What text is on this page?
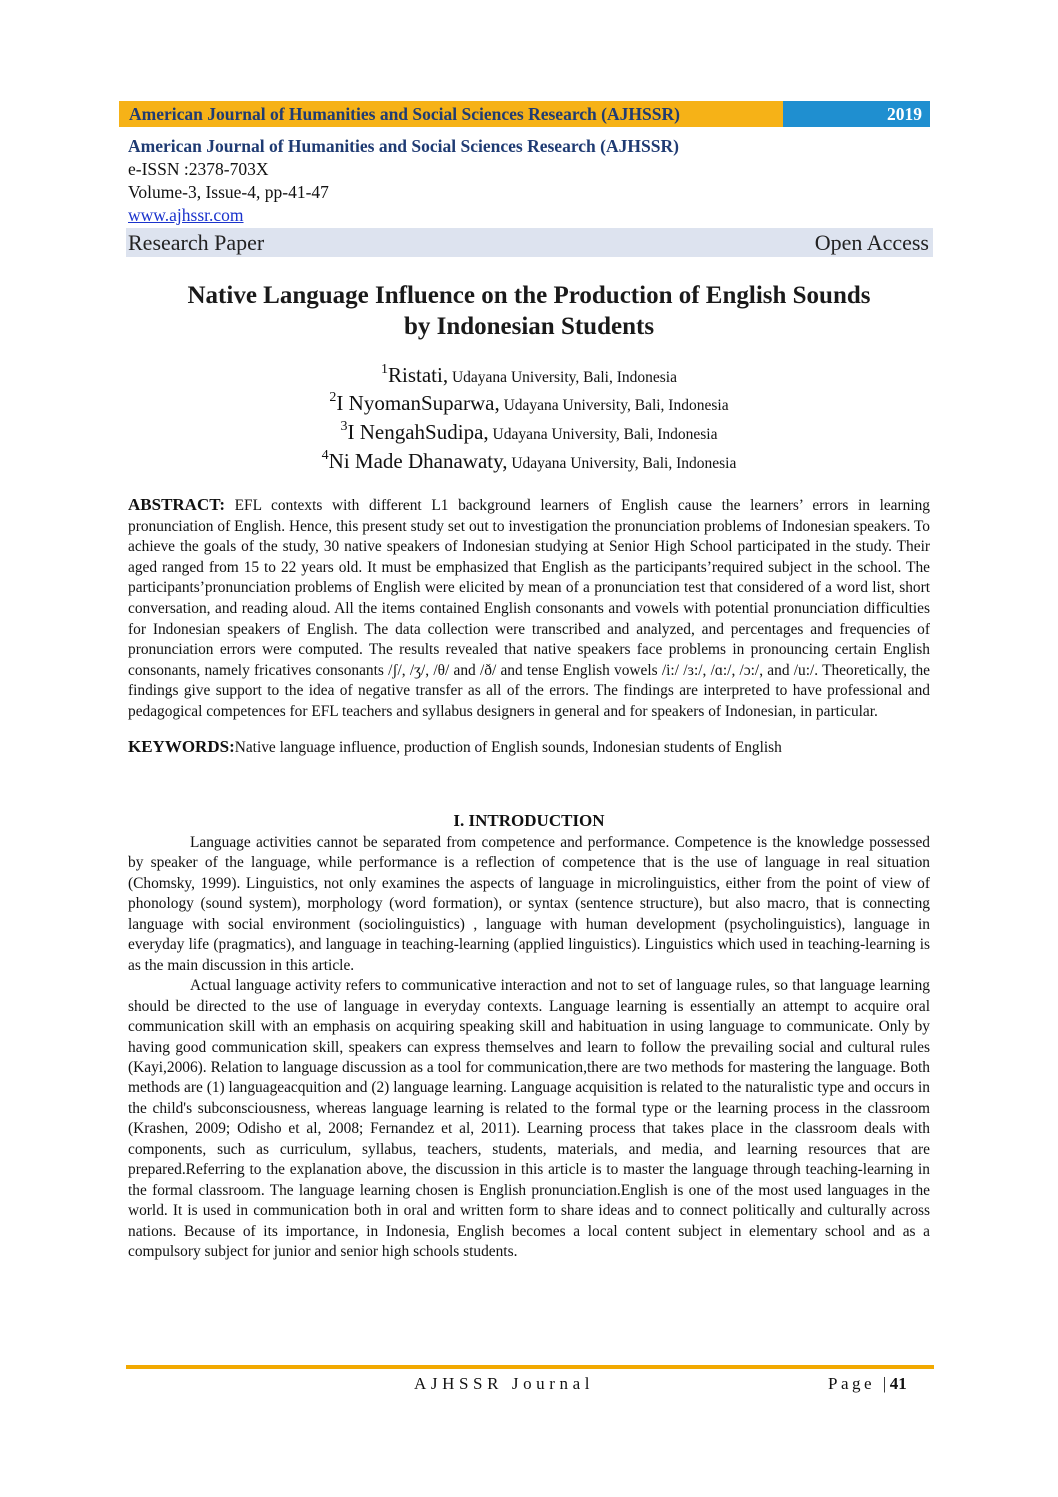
American Journal of Humanities and Social Sciences Research (AJHSSR)	2019
American Journal of Humanities and Social Sciences Research (AJHSSR)
e-ISSN :2378-703X
Volume-3, Issue-4, pp-41-47
www.ajhssr.com
Research Paper	Open Access
Native Language Influence on the Production of English Sounds
by Indonesian Students
1Ristati, Udayana University, Bali, Indonesia
2I NyomanSuparwa, Udayana University, Bali, Indonesia
3I NengahSudipa, Udayana University, Bali, Indonesia
4Ni Made Dhanawaty, Udayana University, Bali, Indonesia
ABSTRACT: EFL contexts with different L1 background learners of English cause the learners’ errors in learning pronunciation of English. Hence, this present study set out to investigation the pronunciation problems of Indonesian speakers. To achieve the goals of the study, 30 native speakers of Indonesian studying at Senior High School participated in the study. Their aged ranged from 15 to 22 years old. It must be emphasized that English as the participants’required subject in the school. The participants’pronunciation problems of English were elicited by mean of a pronunciation test that considered of a word list, short conversation, and reading aloud. All the items contained English consonants and vowels with potential pronunciation difficulties for Indonesian speakers of English. The data collection were transcribed and analyzed, and percentages and frequencies of pronunciation errors were computed. The results revealed that native speakers face problems in pronouncing certain English consonants, namely fricatives consonants /ʃ/, /ʒ/, /θ/ and /ð/ and tense English vowels /i:/ /ɜ:/, /ɑ:/, /ɔ:/, and /u:/. Theoretically, the findings give support to the idea of negative transfer as all of the errors. The findings are interpreted to have professional and pedagogical competences for EFL teachers and syllabus designers in general and for speakers of Indonesian, in particular.
KEYWORDS:Native language influence, production of English sounds, Indonesian students of English
I. INTRODUCTION

Language activities cannot be separated from competence and performance. Competence is the knowledge possessed by speaker of the language, while performance is a reflection of competence that is the use of language in real situation (Chomsky, 1999). Linguistics, not only examines the aspects of language in microlinguistics, either from the point of view of phonology (sound system), morphology (word formation), or syntax (sentence structure), but also macro, that is connecting language with social environment (sociolinguistics) , language with human development (psycholinguistics), language in everyday life (pragmatics), and language in teaching-learning (applied linguistics). Linguistics which used in teaching-learning is as the main discussion in this article.

Actual language activity refers to communicative interaction and not to set of language rules, so that language learning should be directed to the use of language in everyday contexts. Language learning is essentially an attempt to acquire oral communication skill with an emphasis on acquiring speaking skill and habituation in using language to communicate. Only by having good communication skill, speakers can express themselves and learn to follow the prevailing social and cultural rules (Kayi,2006). Relation to language discussion as a tool for communication,there are two methods for mastering the language. Both methods are (1) languageacquition and (2) language learning. Language acquisition is related to the naturalistic type and occurs in the child's subconsciousness, whereas language learning is related to the formal type or the learning process in the classroom (Krashen, 2009; Odisho et al, 2008; Fernandez et al, 2011). Learning process that takes place in the classroom deals with components, such as curriculum, syllabus, teachers, students, materials, and media, and learning resources that are prepared.Referring to the explanation above, the discussion in this article is to master the language through teaching-learning in the formal classroom. The language learning chosen is English pronunciation.English is one of the most used languages in the world. It is used in communication both in oral and written form to share ideas and to connect politically and culturally across nations. Because of its importance, in Indonesia, English becomes a local content subject in elementary school and as a compulsory subject for junior and senior high schools students.

AJHSSR Journal	Page |41
